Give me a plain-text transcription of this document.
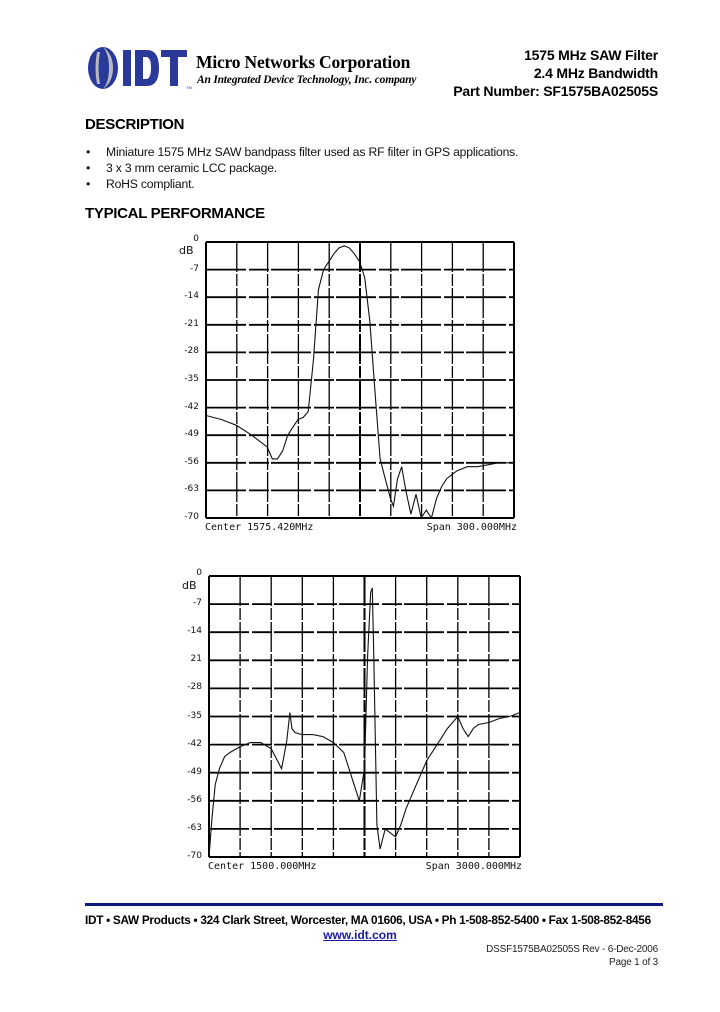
TM
Micro Networks Corporation
An Integrated Device Technology, Inc. company
1575 MHz SAW Filter
2.4 MHz Bandwidth
Part Number: SF1575BA02505S
DESCRIPTION
•	Miniature 1575 MHz SAW bandpass filter used as RF filter in GPS applications.
•	3 x 3 mm ceramic LCC package.
•	RoHS compliant.
TYPICAL PERFORMANCE
dB
0
-7
-14
-21
-28
-35
-42
-49
-56
-63
-70
Center 1575.420MHz	Span 300.000MHz
dB
0
-7
-14
21
-28
-35
-42
-49
-56
-63
-70
Center 1500.000MHz	Span 3000.000MHz
IDT • SAW Products • 324 Clark Street, Worcester, MA 01606, USA • Ph 1-508-852-5400 • Fax 1-508-852-8456
www.idt.com
DSSF1575BA02505S Rev - 6-Dec-2006
Page 1 of 3
